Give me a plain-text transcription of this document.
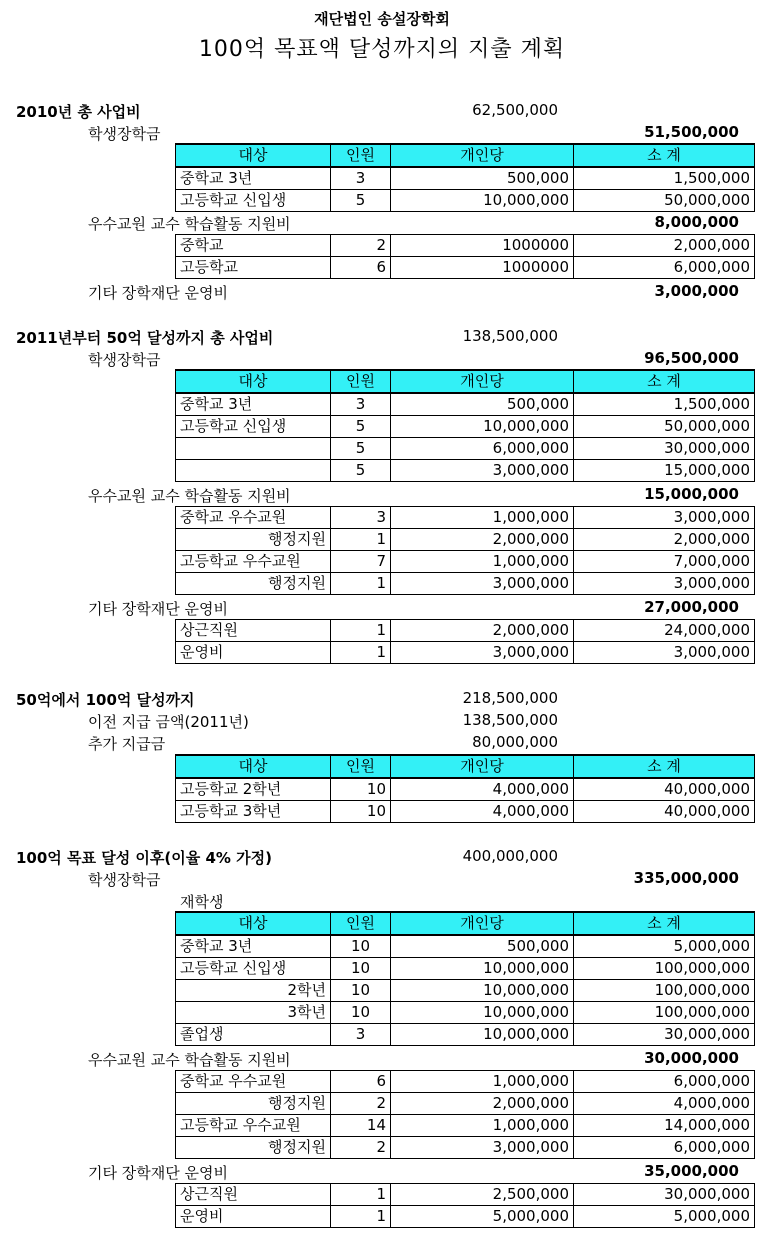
재단법인 송설장학회
100억 목표액 달성까지의 지출 계획
2010년 총 사업비	62,500,000
학생장학금	51,500,000
대상	인원	개인당	소 계
중학교 3년	3	500,000	1,500,000
고등학교 신입생	5	10,000,000	50,000,000
우수교원 교수 학습활동 지원비	8,000,000
중학교	2	1000000	2,000,000
고등학교	6	1000000	6,000,000
기타 장학재단 운영비	3,000,000
2011년부터 50억 달성까지 총 사업비	138,500,000
학생장학금	96,500,000
대상	인원	개인당	소 계
중학교 3년	3	500,000	1,500,000
고등학교 신입생	5	10,000,000	50,000,000
	5	6,000,000	30,000,000
	5	3,000,000	15,000,000
우수교원 교수 학습활동 지원비	15,000,000
중학교 우수교원	3	1,000,000	3,000,000
행정지원	1	2,000,000	2,000,000
고등학교 우수교원	7	1,000,000	7,000,000
행정지원	1	3,000,000	3,000,000
기타 장학재단 운영비	27,000,000
상근직원	1	2,000,000	24,000,000
운영비	1	3,000,000	3,000,000
50억에서 100억 달성까지	218,500,000
이전 지급 금액(2011년)	138,500,000
추가 지급금	80,000,000
대상	인원	개인당	소 계
고등학교 2학년	10	4,000,000	40,000,000
고등학교 3학년	10	4,000,000	40,000,000
100억 목표 달성 이후(이율 4% 가정)	400,000,000
학생장학금	335,000,000
재학생
대상	인원	개인당	소 계
중학교 3년	10	500,000	5,000,000
고등학교 신입생	10	10,000,000	100,000,000
2학년	10	10,000,000	100,000,000
3학년	10	10,000,000	100,000,000
졸업생	3	10,000,000	30,000,000
우수교원 교수 학습활동 지원비	30,000,000
중학교 우수교원	6	1,000,000	6,000,000
행정지원	2	2,000,000	4,000,000
고등학교 우수교원	14	1,000,000	14,000,000
행정지원	2	3,000,000	6,000,000
기타 장학재단 운영비	35,000,000
상근직원	1	2,500,000	30,000,000
운영비	1	5,000,000	5,000,000
